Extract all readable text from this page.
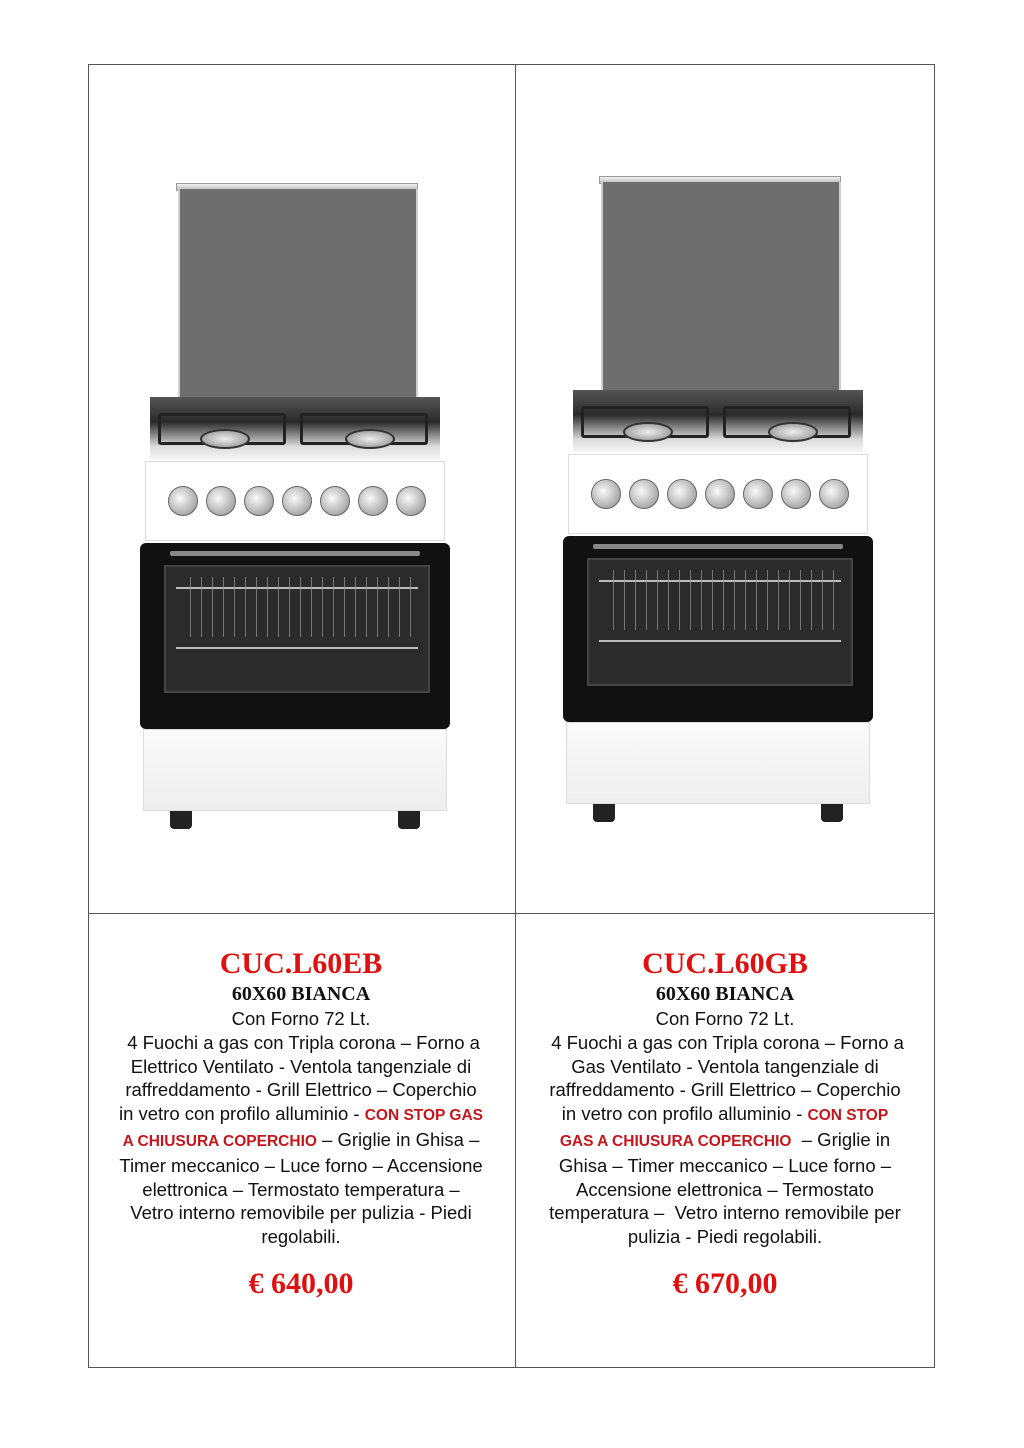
CUC.L60EB
60X60 BIANCA
Con Forno 72 Lt.
4 Fuochi a gas con Tripla corona – Forno a
Elettrico Ventilato - Ventola tangenziale di
raffreddamento - Grill Elettrico – Coperchio
in vetro con profilo alluminio - CON STOP GAS
A CHIUSURA COPERCHIO – Griglie in Ghisa –
Timer meccanico – Luce forno – Accensione
elettronica – Termostato temperatura –
Vetro interno removibile per pulizia - Piedi
regolabili.
€ 640,00
CUC.L60GB
60X60 BIANCA
Con Forno 72 Lt.
4 Fuochi a gas con Tripla corona – Forno a
Gas Ventilato - Ventola tangenziale di
raffreddamento - Grill Elettrico – Coperchio
in vetro con profilo alluminio - CON STOP
GAS A CHIUSURA COPERCHIO  – Griglie in
Ghisa – Timer meccanico – Luce forno –
Accensione elettronica – Termostato
temperatura –  Vetro interno removibile per
pulizia - Piedi regolabili.
€ 670,00
